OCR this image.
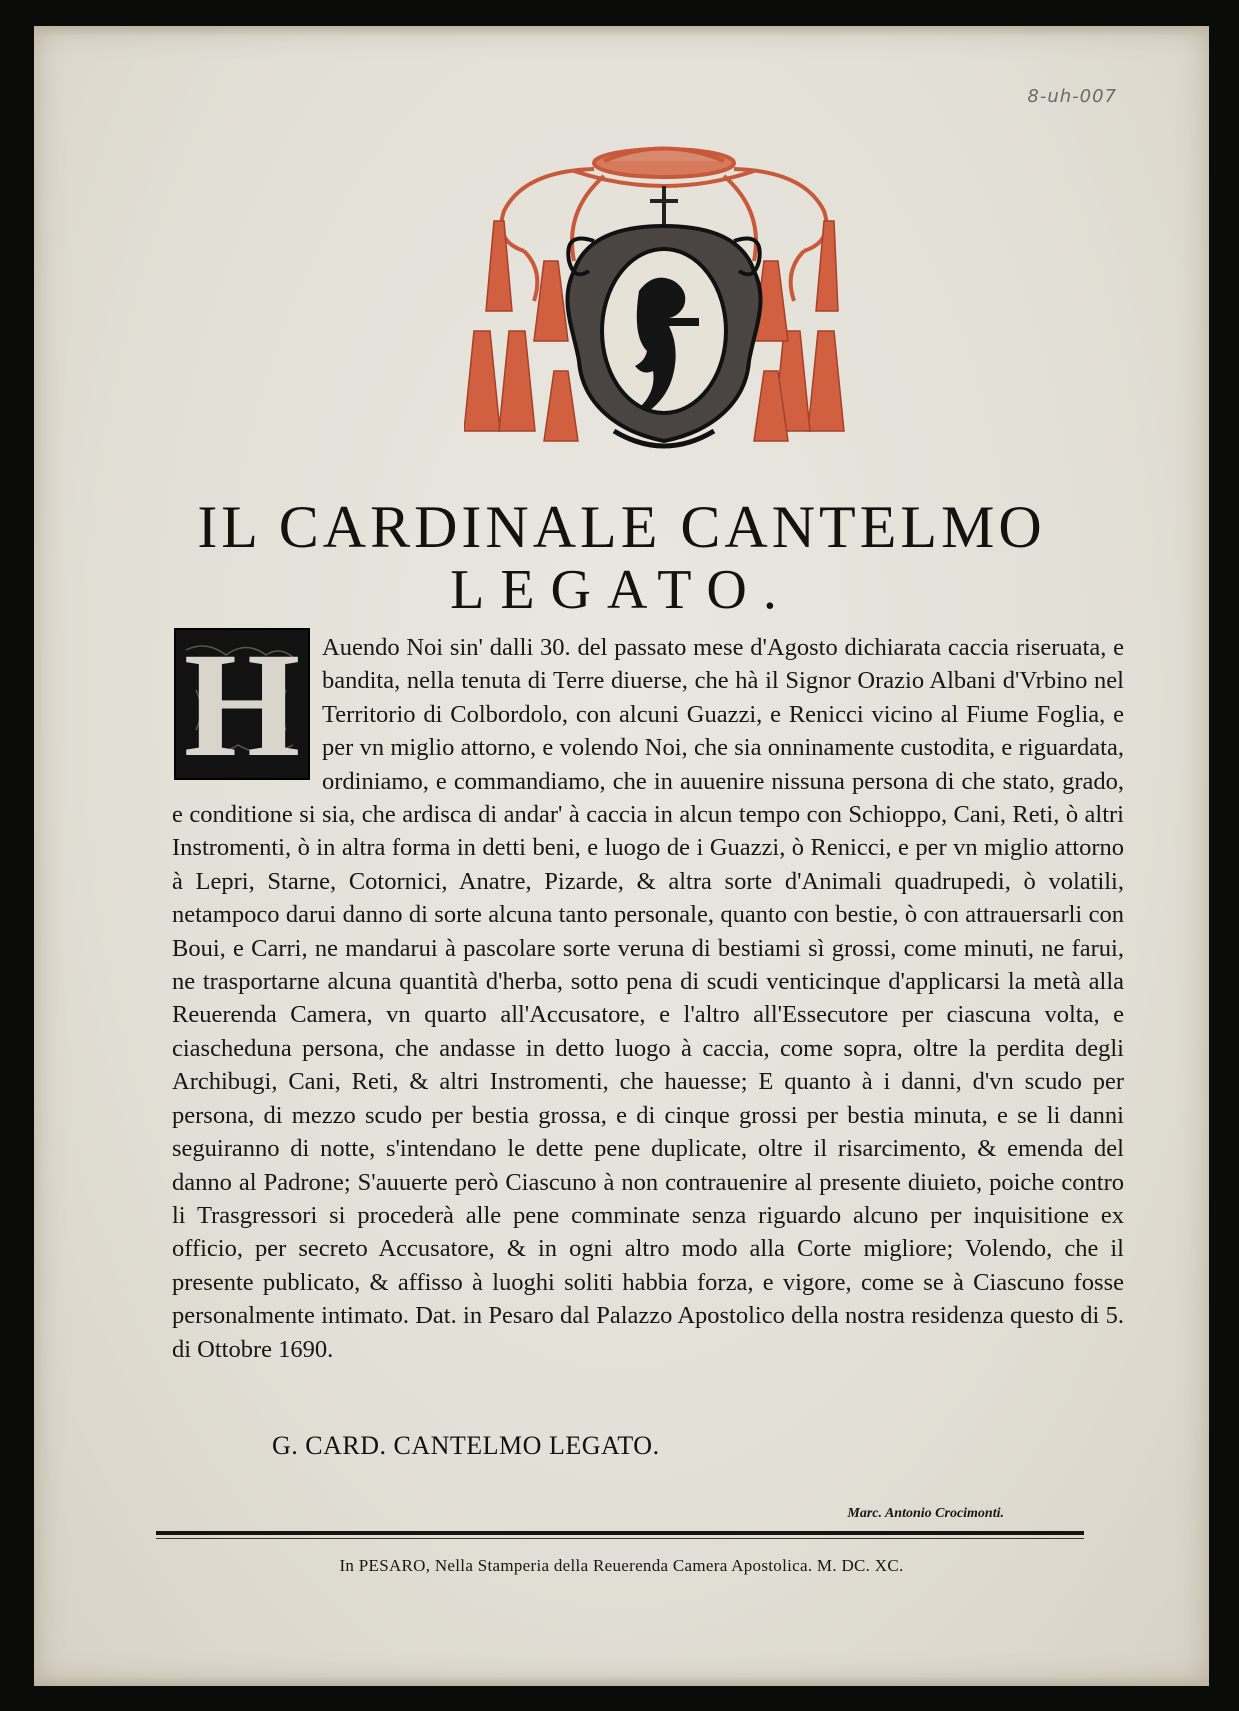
8-uh-007
IL CARDINALE CANTELMO
LEGATO.
H Auendo Noi sin' dalli 30. del passato mese d'Agosto dichiarata caccia riseruata, e bandita, nella tenuta di Terre diuerse, che hà il Signor Orazio Albani d'Vrbino nel Territorio di Colbordolo, con alcuni Guazzi, e Renicci vicino al Fiume Foglia, e per vn miglio attorno, e volendo Noi, che sia onninamente custodita, e riguardata, ordiniamo, e commandiamo, che in auuenire nissuna persona di che stato, grado, e conditione si sia, che ardisca di andar' à caccia in alcun tempo con Schioppo, Cani, Reti, ò altri Instromenti, ò in altra forma in detti beni, e luogo de i Guazzi, ò Renicci, e per vn miglio attorno à Lepri, Starne, Cotornici, Anatre, Pizarde, & altra sorte d'Animali quadrupedi, ò volatili, netampoco darui danno di sorte alcuna tanto personale, quanto con bestie, ò con attrauersarli con Boui, e Carri, ne mandarui à pascolare sorte veruna di bestiami sì grossi, come minuti, ne farui, ne trasportarne alcuna quantità d'herba, sotto pena di scudi venticinque d'applicarsi la metà alla Reuerenda Camera, vn quarto all'Accusatore, e l'altro all'Essecutore per ciascuna volta, e ciascheduna persona, che andasse in detto luogo à caccia, come sopra, oltre la perdita degli Archibugi, Cani, Reti, & altri Instromenti, che hauesse; E quanto à i danni, d'vn scudo per persona, di mezzo scudo per bestia grossa, e di cinque grossi per bestia minuta, e se li danni seguiranno di notte, s'intendano le dette pene duplicate, oltre il risarcimento, & emenda del danno al Padrone; S'auuerte però Ciascuno à non contrauenire al presente diuieto, poiche contro li Trasgressori si procederà alle pene comminate senza riguardo alcuno per inquisitione ex officio, per secreto Accusatore, & in ogni altro modo alla Corte migliore; Volendo, che il presente publicato, & affisso à luoghi soliti habbia forza, e vigore, come se à Ciascuno fosse personalmente intimato. Dat. in Pesaro dal Palazzo Apostolico della nostra residenza questo di 5. di Ottobre 1690.

G. CARD. CANTELMO LEGATO.
Marc. Antonio Crocimonti.
In PESARO, Nella Stamperia della Reuerenda Camera Apostolica. M. DC. XC.
